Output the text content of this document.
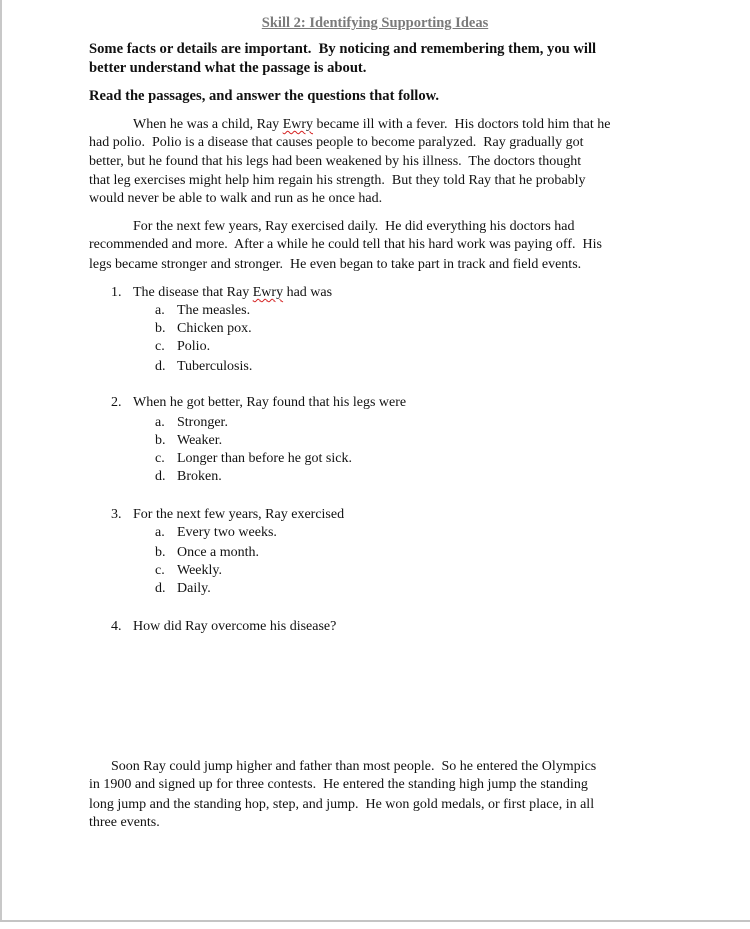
Skill 2: Identifying Supporting Ideas
Some facts or details are important.  By noticing and remembering them, you will
better understand what the passage is about.
Read the passages, and answer the questions that follow.
When he was a child, Ray Ewry became ill with a fever.  His doctors told him that he
had polio.  Polio is a disease that causes people to become paralyzed.  Ray gradually got
better, but he found that his legs had been weakened by his illness.  The doctors thought
that leg exercises might help him regain his strength.  But they told Ray that he probably
would never be able to walk and run as he once had.
For the next few years, Ray exercised daily.  He did everything his doctors had
recommended and more.  After a while he could tell that his hard work was paying off.  His
legs became stronger and stronger.  He even began to take part in track and field events.
1. The disease that Ray Ewry had was
a. The measles.
b. Chicken pox.
c. Polio.
d. Tuberculosis.
2. When he got better, Ray found that his legs were
a. Stronger.
b. Weaker.
c. Longer than before he got sick.
d. Broken.
3. For the next few years, Ray exercised
a. Every two weeks.
b. Once a month.
c. Weekly.
d. Daily.
4. How did Ray overcome his disease?
Soon Ray could jump higher and father than most people.  So he entered the Olympics
in 1900 and signed up for three contests.  He entered the standing high jump the standing
long jump and the standing hop, step, and jump.  He won gold medals, or first place, in all
three events.
